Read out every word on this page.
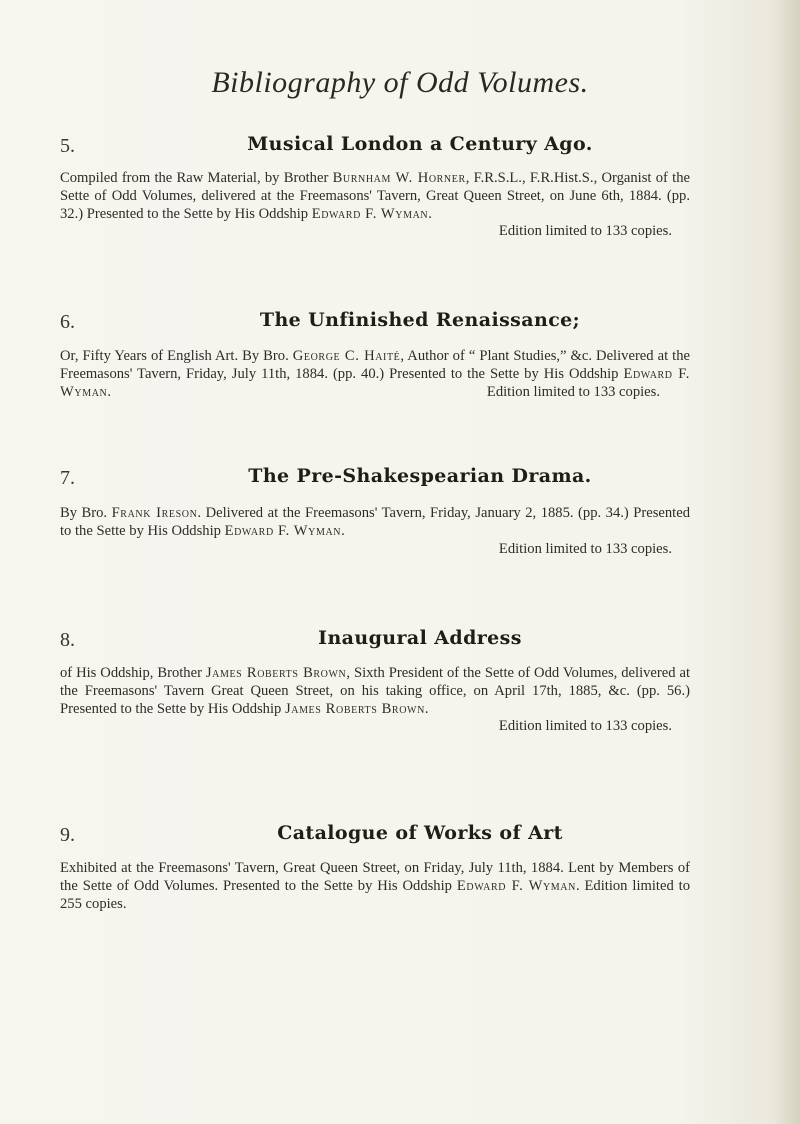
Bibliography of Odd Volumes.
5.	Musical London a Century Ago.

Compiled from the Raw Material, by Brother Burnham W. Horner, F.R.S.L., F.R.Hist.S., Organist of the Sette of Odd Volumes, delivered at the Freemasons' Tavern, Great Queen Street, on June 6th, 1884. (pp. 32.) Presented to the Sette by His Oddship Edward F. Wyman.

Edition limited to 133 copies.
6.	The Unfinished Renaissance;

Or, Fifty Years of English Art. By Bro. George C. Haité, Author of “ Plant Studies,” &c. Delivered at the Freemasons' Tavern, Friday, July 11th, 1884. (pp. 40.) Presented to the Sette by His Oddship Edward F. Wyman.	Edition limited to 133 copies.

7.	The Pre-Shakespearian Drama.

By Bro. Frank Ireson. Delivered at the Freemasons' Tavern, Friday, January 2, 1885. (pp. 34.) Presented to the Sette by His Oddship Edward F. Wyman.

Edition limited to 133 copies.
8.	Inaugural Address

of His Oddship, Brother James Roberts Brown, Sixth President of the Sette of Odd Volumes, delivered at the Freemasons' Tavern Great Queen Street, on his taking office, on April 17th, 1885, &c. (pp. 56.) Presented to the Sette by His Oddship James Roberts Brown.

Edition limited to 133 copies.
9.	Catalogue of Works of Art

Exhibited at the Freemasons' Tavern, Great Queen Street, on Friday, July 11th, 1884. Lent by Members of the Sette of Odd Volumes. Presented to the Sette by His Oddship Edward F. Wyman. Edition limited to 255 copies.
